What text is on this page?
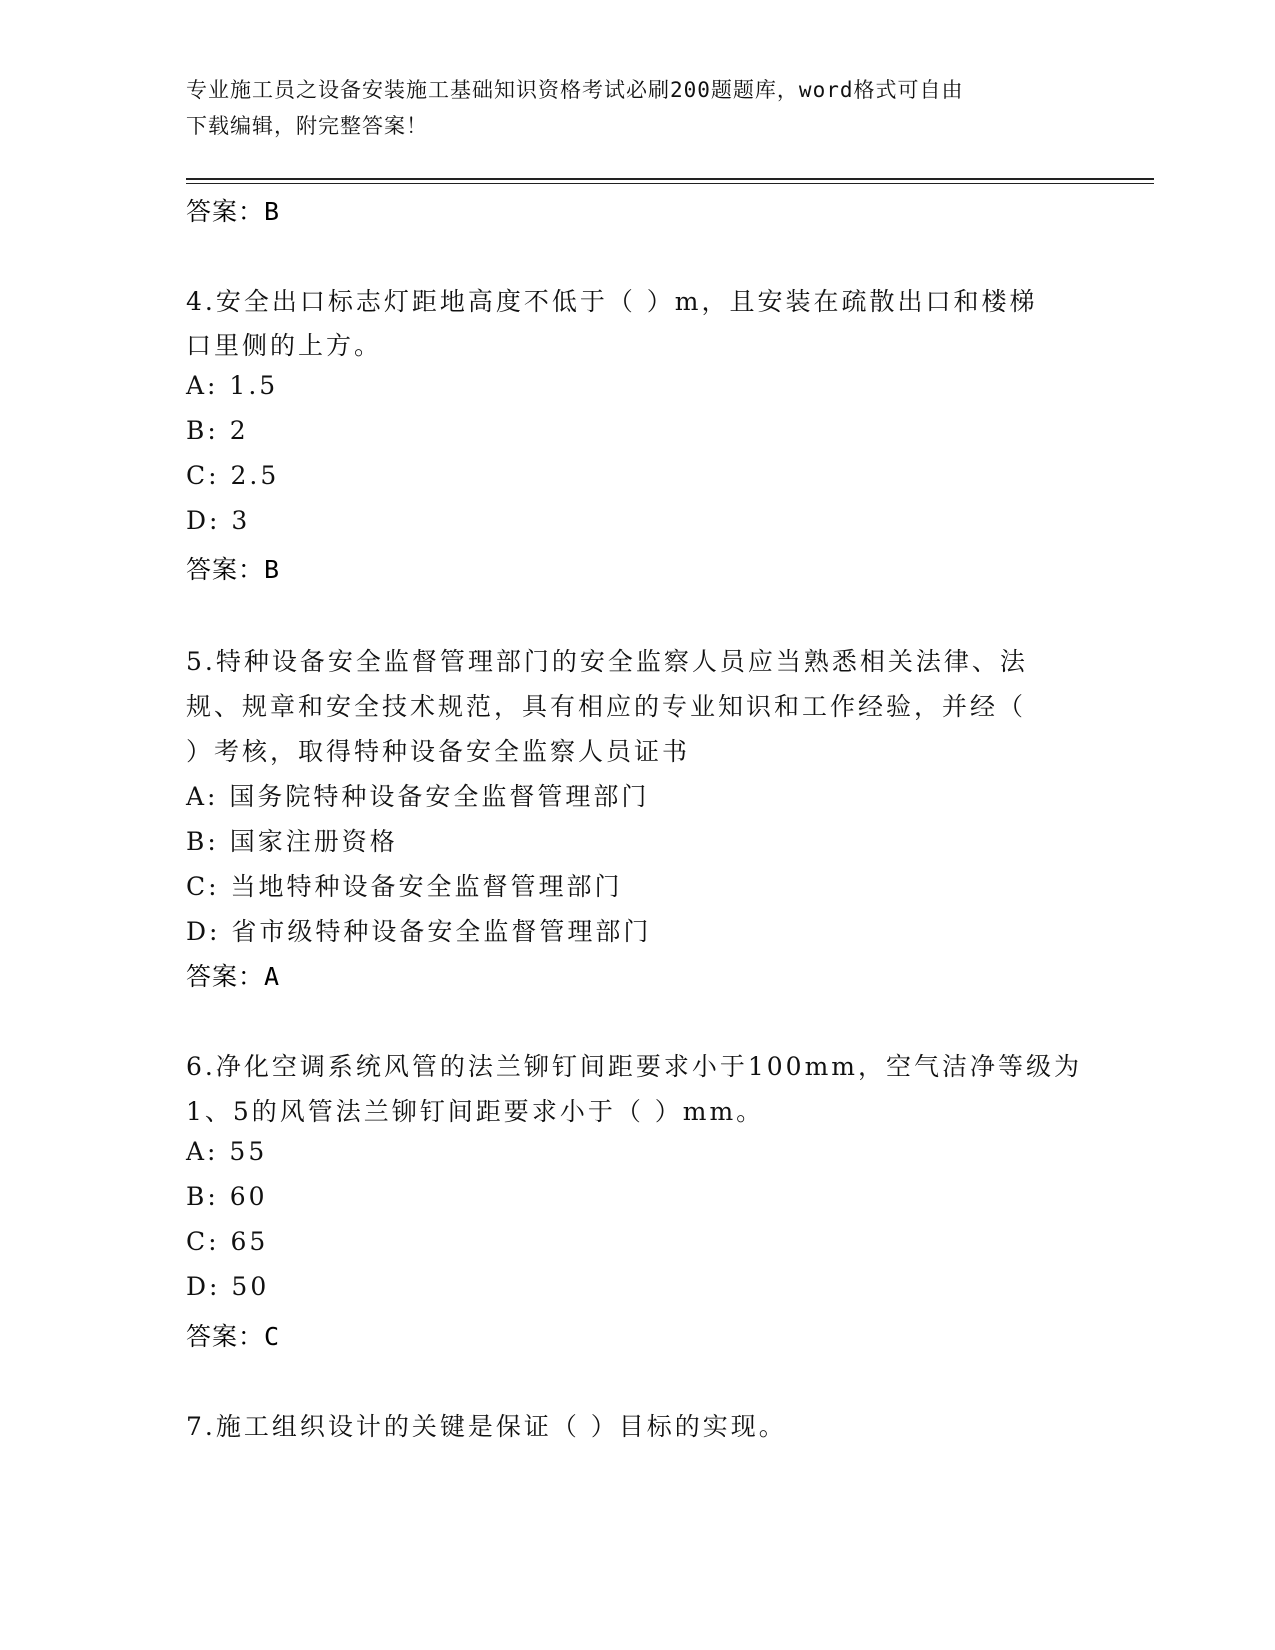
专业施工员之设备安装施工基础知识资格考试必刷200题题库，word格式可自由
下载编辑，附完整答案！
答案：B
4.安全出口标志灯距地高度不低于（ ）m，且安装在疏散出口和楼梯
口里侧的上方。
A: 1.5
B: 2
C: 2.5
D: 3
答案：B
5.特种设备安全监督管理部门的安全监察人员应当熟悉相关法律、法
规、规章和安全技术规范，具有相应的专业知识和工作经验，并经（
）考核，取得特种设备安全监察人员证书
A: 国务院特种设备安全监督管理部门
B: 国家注册资格
C: 当地特种设备安全监督管理部门
D: 省市级特种设备安全监督管理部门
答案：A
6.净化空调系统风管的法兰铆钉间距要求小于100mm，空气洁净等级为
1、5的风管法兰铆钉间距要求小于（ ）mm。
A: 55
B: 60
C: 65
D: 50
答案：C
7.施工组织设计的关键是保证（ ）目标的实现。
